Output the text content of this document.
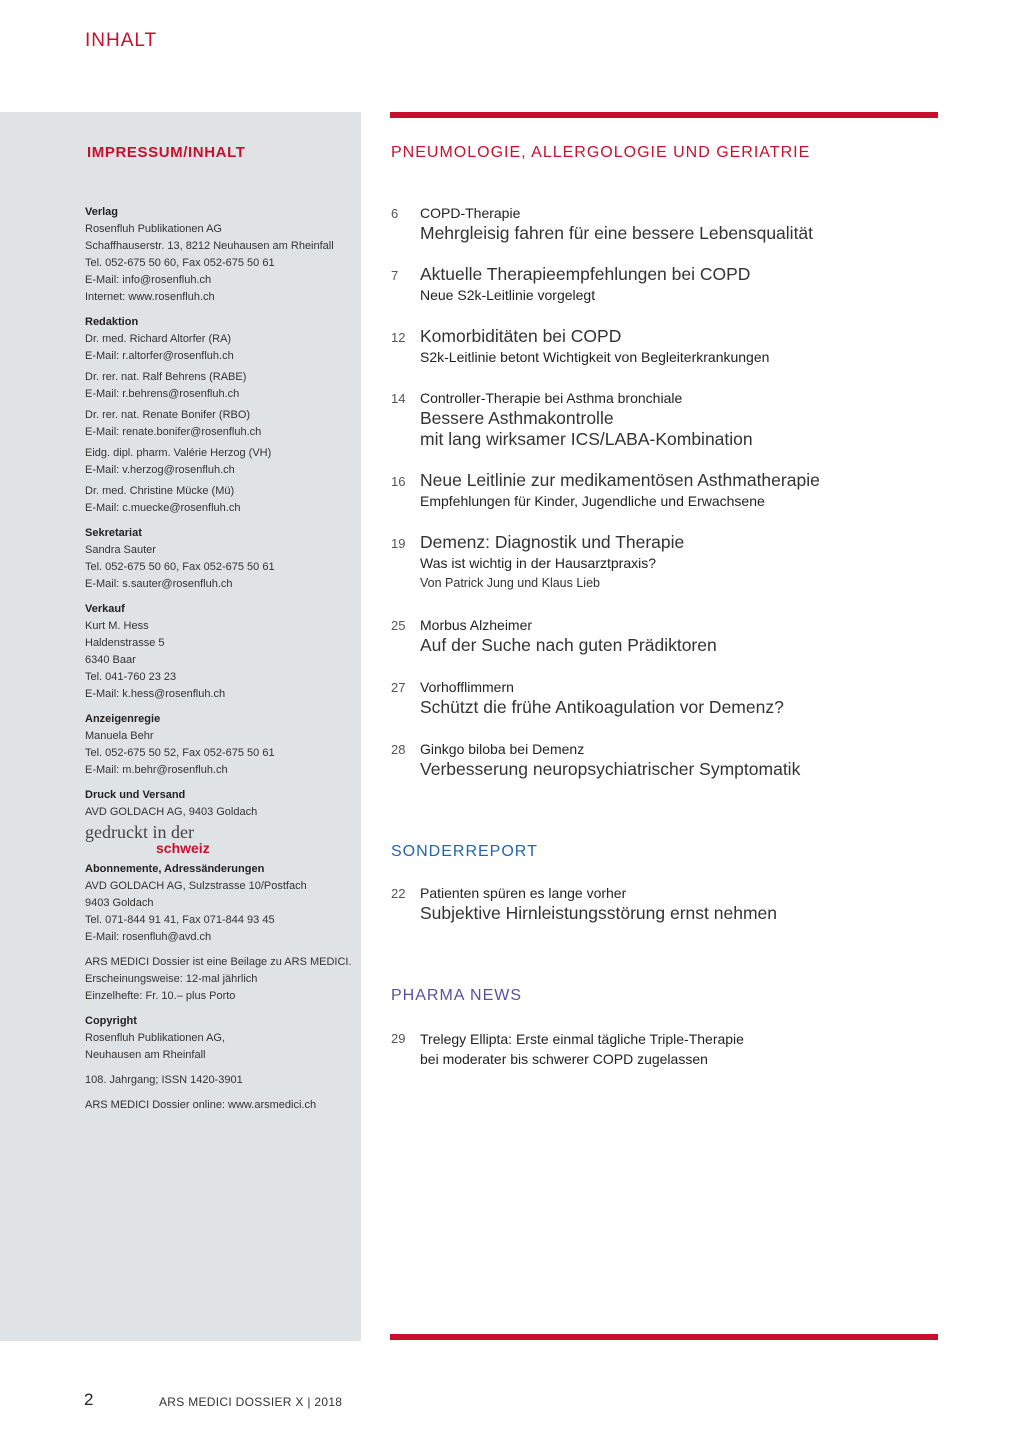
INHALT
IMPRESSUM/INHALT
Verlag
Rosenfluh Publikationen AG
Schaffhauserstr. 13, 8212 Neuhausen am Rheinfall
Tel. 052-675 50 60, Fax 052-675 50 61
E-Mail: info@rosenfluh.ch
Internet: www.rosenfluh.ch
Redaktion
Dr. med. Richard Altorfer (RA)
E-Mail: r.altorfer@rosenfluh.ch
Dr. rer. nat. Ralf Behrens (RABE)
E-Mail: r.behrens@rosenfluh.ch
Dr. rer. nat. Renate Bonifer (RBO)
E-Mail: renate.bonifer@rosenfluh.ch
Eidg. dipl. pharm. Valérie Herzog (VH)
E-Mail: v.herzog@rosenfluh.ch
Dr. med. Christine Mücke (Mü)
E-Mail: c.muecke@rosenfluh.ch
Sekretariat
Sandra Sauter
Tel. 052-675 50 60, Fax 052-675 50 61
E-Mail: s.sauter@rosenfluh.ch
Verkauf
Kurt M. Hess
Haldenstrasse 5
6340 Baar
Tel. 041-760 23 23
E-Mail: k.hess@rosenfluh.ch
Anzeigenregie
Manuela Behr
Tel. 052-675 50 52, Fax 052-675 50 61
E-Mail: m.behr@rosenfluh.ch
Druck und Versand
AVD GOLDACH AG, 9403 Goldach
gedruckt in der
schweiz
Abonnemente, Adressänderungen
AVD GOLDACH AG, Sulzstrasse 10/Postfach
9403 Goldach
Tel. 071-844 91 41, Fax 071-844 93 45
E-Mail: rosenfluh@avd.ch
ARS MEDICI Dossier ist eine Beilage zu ARS MEDICI.
Erscheinungsweise: 12-mal jährlich
Einzelhefte: Fr. 10.– plus Porto
Copyright
Rosenfluh Publikationen AG,
Neuhausen am Rheinfall
108. Jahrgang; ISSN 1420-3901
ARS MEDICI Dossier online: www.arsmedici.ch
PNEUMOLOGIE, ALLERGOLOGIE UND GERIATRIE
6	COPD-Therapie
Mehrgleisig fahren für eine bessere Lebensqualität
7	Aktuelle Therapieempfehlungen bei COPD
Neue S2k-Leitlinie vorgelegt
12 Komorbiditäten bei COPD
S2k-Leitlinie betont Wichtigkeit von Begleiterkrankungen
14	Controller-Therapie bei Asthma bronchiale
Bessere Asthmakontrolle
mit lang wirksamer ICS/LABA-Kombination
16 Neue Leitlinie zur medikamentösen Asthmatherapie
Empfehlungen für Kinder, Jugendliche und Erwachsene
19 Demenz: Diagnostik und Therapie
Was ist wichtig in der Hausarztpraxis?
Von Patrick Jung und Klaus Lieb
25	Morbus Alzheimer
Auf der Suche nach guten Prädiktoren
27	Vorhofflimmern
Schützt die frühe Antikoagulation vor Demenz?
28	Ginkgo biloba bei Demenz
Verbesserung neuropsychiatrischer Symptomatik
SONDERREPORT
22	Patienten spüren es lange vorher
Subjektive Hirnleistungsstörung ernst nehmen
PHARMA NEWS
29	Trelegy Ellipta: Erste einmal tägliche Triple-Therapie
bei moderater bis schwerer COPD zugelassen
2	ARS MEDICI DOSSIER X | 2018
